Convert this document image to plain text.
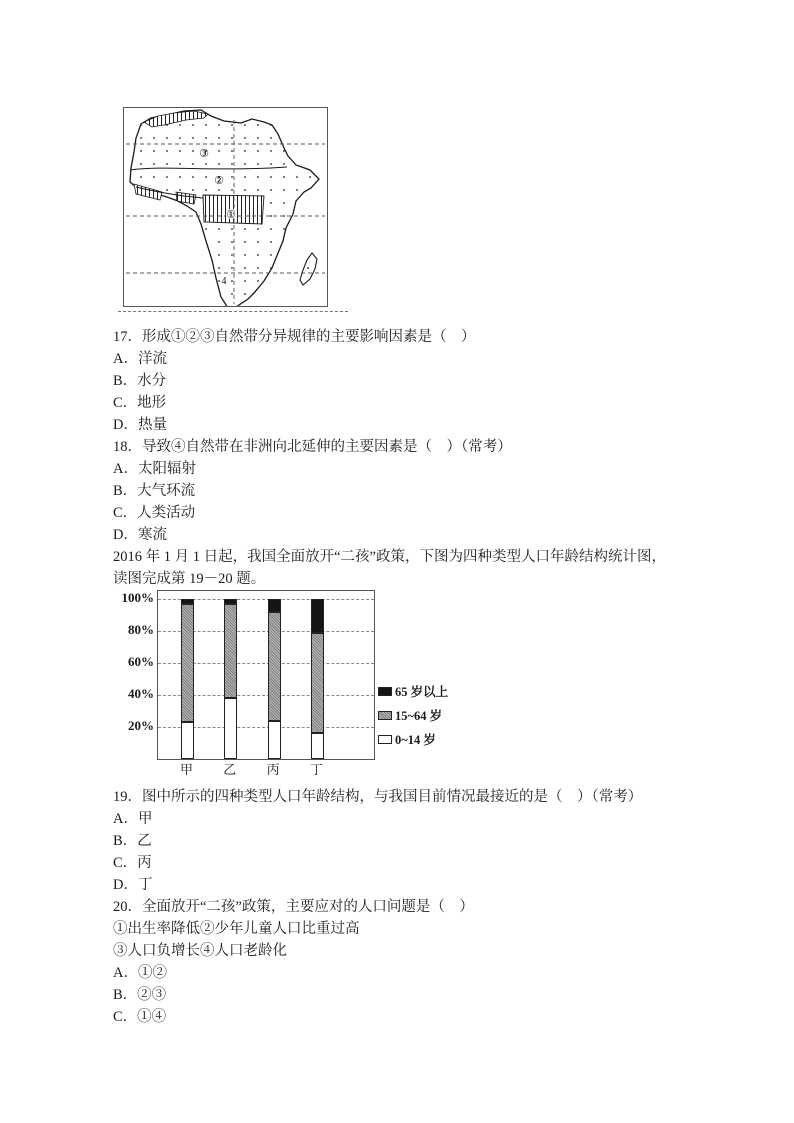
③
②
①
4
17．形成①②③自然带分异规律的主要影响因素是（　）
A．洋流
B．水分
C．地形
D．热量
18．导致④自然带在非洲向北延伸的主要因素是（　）（常考）
A．太阳辐射
B．大气环流
C．人类活动
D．寒流
2016 年 1 月 1 日起，我国全面放开“二孩”政策，下图为四种类型人口年龄结构统计图，
读图完成第 19－20 题。
100%
80%
60%
40%
20%
65 岁以上
15~64 岁
0~14 岁
甲	乙	丙	丁
19．图中所示的四种类型人口年龄结构，与我国目前情况最接近的是（　）（常考）
A．甲
B．乙
C．丙
D．丁
20．全面放开“二孩”政策，主要应对的人口问题是（　）
①出生率降低②少年儿童人口比重过高
③人口负增长④人口老龄化
A．①②
B．②③
C．①④
